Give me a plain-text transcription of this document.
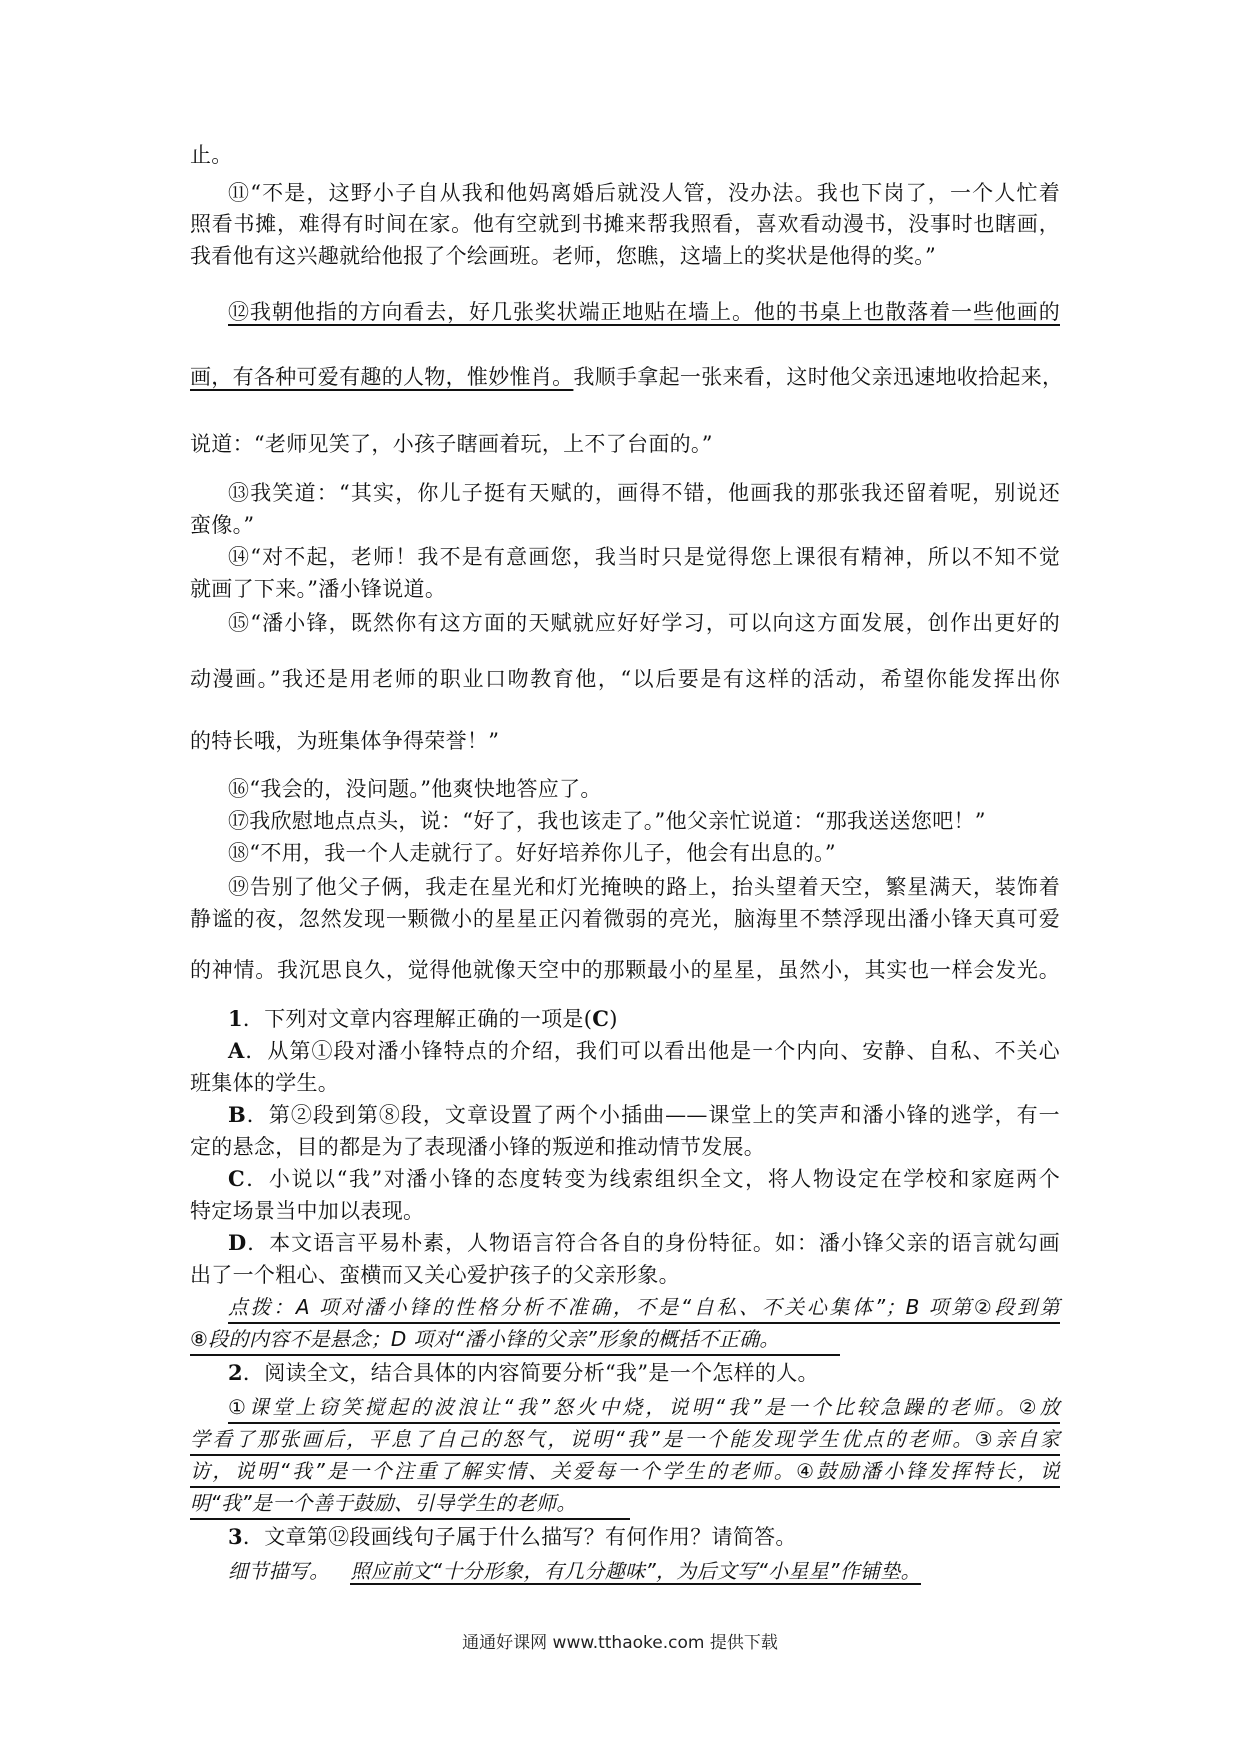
止。
⑪“不是，这野小子自从我和他妈离婚后就没人管，没办法。我也下岗了，一个人忙着
照看书摊，难得有时间在家。他有空就到书摊来帮我照看，喜欢看动漫书，没事时也瞎画，
我看他有这兴趣就给他报了个绘画班。老师，您瞧，这墙上的奖状是他得的奖。”
⑫我朝他指的方向看去，好几张奖状端正地贴在墙上。他的书桌上也散落着一些他画的
画，有各种可爱有趣的人物，惟妙惟肖。我顺手拿起一张来看，这时他父亲迅速地收拾起来，
说道：“老师见笑了，小孩子瞎画着玩，上不了台面的。”
⑬我笑道：“其实，你儿子挺有天赋的，画得不错，他画我的那张我还留着呢，别说还
蛮像。”
⑭“对不起，老师！我不是有意画您，我当时只是觉得您上课很有精神，所以不知不觉
就画了下来。”潘小锋说道。
⑮“潘小锋，既然你有这方面的天赋就应好好学习，可以向这方面发展，创作出更好的
动漫画。”我还是用老师的职业口吻教育他，“以后要是有这样的活动，希望你能发挥出你
的特长哦，为班集体争得荣誉！”
⑯“我会的，没问题。”他爽快地答应了。
⑰我欣慰地点点头，说：“好了，我也该走了。”他父亲忙说道：“那我送送您吧！”
⑱“不用，我一个人走就行了。好好培养你儿子，他会有出息的。”
⑲告别了他父子俩，我走在星光和灯光掩映的路上，抬头望着天空，繁星满天，装饰着
静谧的夜，忽然发现一颗微小的星星正闪着微弱的亮光，脑海里不禁浮现出潘小锋天真可爱
的神情。我沉思良久，觉得他就像天空中的那颗最小的星星，虽然小，其实也一样会发光。
1．下列对文章内容理解正确的一项是(C)
A．从第①段对潘小锋特点的介绍，我们可以看出他是一个内向、安静、自私、不关心
班集体的学生。
B．第②段到第⑧段，文章设置了两个小插曲——课堂上的笑声和潘小锋的逃学，有一
定的悬念，目的都是为了表现潘小锋的叛逆和推动情节发展。
C．小说以“我”对潘小锋的态度转变为线索组织全文，将人物设定在学校和家庭两个
特定场景当中加以表现。
D．本文语言平易朴素，人物语言符合各自的身份特征。如：潘小锋父亲的语言就勾画
出了一个粗心、蛮横而又关心爱护孩子的父亲形象。
点拨：A 项对潘小锋的性格分析不准确，不是“自私、不关心集体”；B 项第②段到第
⑧段的内容不是悬念；D 项对“潘小锋的父亲”形象的概括不正确。
2．阅读全文，结合具体的内容简要分析“我”是一个怎样的人。
①课堂上窃笑搅起的波浪让“我”怒火中烧，说明“我”是一个比较急躁的老师。②放
学看了那张画后，平息了自己的怒气，说明“我”是一个能发现学生优点的老师。③亲自家
访，说明“我”是一个注重了解实情、关爱每一个学生的老师。④鼓励潘小锋发挥特长，说
明“我”是一个善于鼓励、引导学生的老师。
3．文章第⑫段画线句子属于什么描写？有何作用？请简答。
细节描写。 照应前文“十分形象，有几分趣味”，为后文写“小星星”作铺垫。
通通好课网 www.tthaoke.com 提供下载
